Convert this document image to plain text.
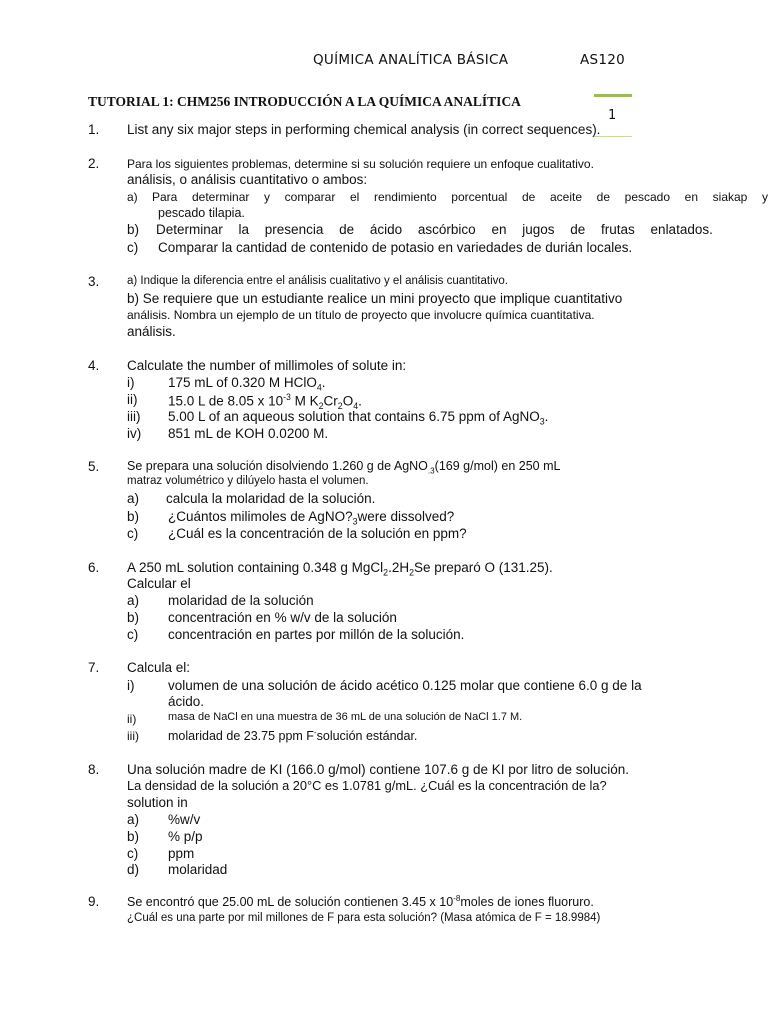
QUÍMICA ANALÍTICA BÁSICA	AS120
TUTORIAL 1: CHM256 INTRODUCCIÓN A LA QUÍMICA ANALÍTICA
1
1. List any six major steps in performing chemical analysis (in correct sequences).
2. Para los siguientes problemas, determine si su solución requiere un enfoque cualitativo.
análisis, o análisis cuantitativo o ambos:
a) Para determinar y comparar el rendimiento porcentual de aceite de pescado en siakap y
pescado tilapia.
b) Determinar la presencia de ácido ascórbico en jugos de frutas enlatados.
c) Comparar la cantidad de contenido de potasio en variedades de durián locales.
3. a) Indique la diferencia entre el análisis cualitativo y el análisis cuantitativo.
b) Se requiere que un estudiante realice un mini proyecto que implique cuantitativo
análisis. Nombra un ejemplo de un título de proyecto que involucre química cuantitativa.
análisis.
4. Calculate the number of millimoles of solute in:
i) 175 mL of 0.320 M HClO$_4$.
ii) 15.0 L de 8.05 x $10^{-3}$ M $K_2Cr_2O_4$.
iii) 5.00 L of an aqueous solution that contains 6.75 ppm of AgNO$_3$.
iv) 851 mL de KOH 0.0200 M.
5. Se prepara una solución disolviendo 1.260 g de AgNO$_{.3}$(169 g/mol) en 250 mL
matraz volumétrico y dilúyelo hasta el volumen.
a) calcula la molaridad de la solución.
b) ¿Cuántos milimoles de $AgNO?_3were$ dissolved?
c) ¿Cuál es la concentración de la solución en ppm?
6. A 250 mL solution containing 0.348 g $MgCl_2.2H_2Se$ preparó O (131.25).
Calcular el
a) molaridad de la solución
b) concentración en % w/v de la solución
c) concentración en partes por millón de la solución.
7. Calcula el:
i) volumen de una solución de ácido acético 0.125 molar que contiene 6.0 g de la
ácido.
ii)	masa de NaCl en una muestra de 36 mL de una solución de NaCl 1.7 M.
iii) molaridad de 23.75 ppm F-solución estándar.
8. Una solución madre de KI (166.0 g/mol) contiene 107.6 g de KI por litro de solución.
La densidad de la solución a 20°C es 1.0781 g/mL. ¿Cuál es la concentración de la?
solution in
a) %w/v
b) % p/p
c) ppm
d) molaridad
9. Se encontró que 25.00 mL de solución contienen 3.45 x $10^{-8}moles$ de iones fluoruro.
¿Cuál es una parte por mil millones de F para esta solución? (Masa atómica de F = 18.9984)
